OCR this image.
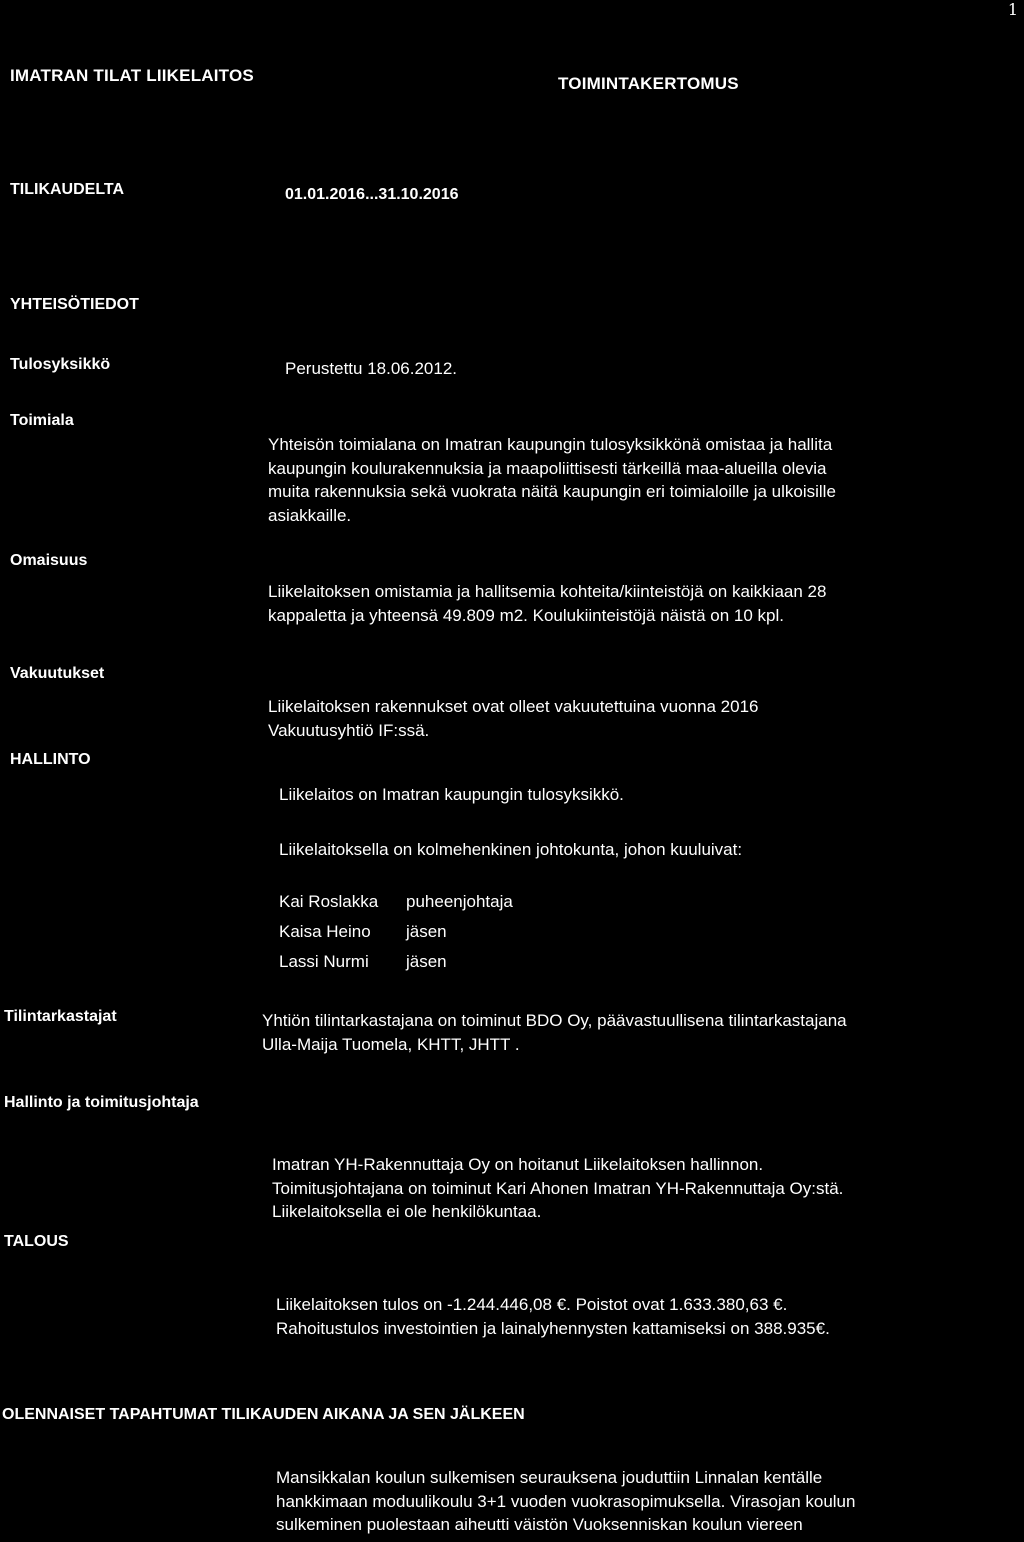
1
IMATRAN TILAT LIIKELAITOS	TOIMINTAKERTOMUS
TILIKAUDELTA	01.01.2016...31.10.2016
YHTEISÖTIEDOT
Tulosyksikkö	Perustettu 18.06.2012.
Toimiala
Yhteisön toimialana on Imatran kaupungin tulosyksikkönä omistaa ja hallita
kaupungin koulurakennuksia ja maapoliittisesti tärkeillä maa-alueilla olevia
muita rakennuksia sekä vuokrata näitä kaupungin eri toimialoille ja ulkoisille
asiakkaille.
Omaisuus
Liikelaitoksen omistamia ja hallitsemia kohteita/kiinteistöjä on kaikkiaan 28
kappaletta ja yhteensä 49.809 m2. Koulukiinteistöjä näistä on 10 kpl.
Vakuutukset
Liikelaitoksen rakennukset ovat olleet vakuutettuina vuonna 2016
Vakuutusyhtiö IF:ssä.
HALLINTO
Liikelaitos on Imatran kaupungin tulosyksikkö.
Liikelaitoksella on kolmehenkinen johtokunta, johon kuuluivat:
Kai Roslakka	puheenjohtaja
Kaisa Heino	jäsen
Lassi Nurmi	jäsen
Tilintarkastajat	Yhtiön tilintarkastajana on toiminut BDO Oy, päävastuullisena tilintarkastajana
Ulla-Maija Tuomela, KHTT, JHTT .
Hallinto ja toimitusjohtaja
Imatran YH-Rakennuttaja Oy on hoitanut Liikelaitoksen hallinnon.
Toimitusjohtajana on toiminut Kari Ahonen Imatran YH-Rakennuttaja Oy:stä.
Liikelaitoksella ei ole henkilökuntaa.
TALOUS
Liikelaitoksen tulos on -1.244.446,08 €. Poistot ovat 1.633.380,63 €.
Rahoitustulos investointien ja lainalyhennysten kattamiseksi on 388.935€.
OLENNAISET TAPAHTUMAT TILIKAUDEN AIKANA JA SEN JÄLKEEN
Mansikkalan koulun sulkemisen seurauksena jouduttiin Linnalan kentälle
hankkimaan moduulikoulu 3+1 vuoden vuokrasopimuksella. Virasojan koulun
sulkeminen puolestaan aiheutti väistön Vuoksenniskan koulun viereen
